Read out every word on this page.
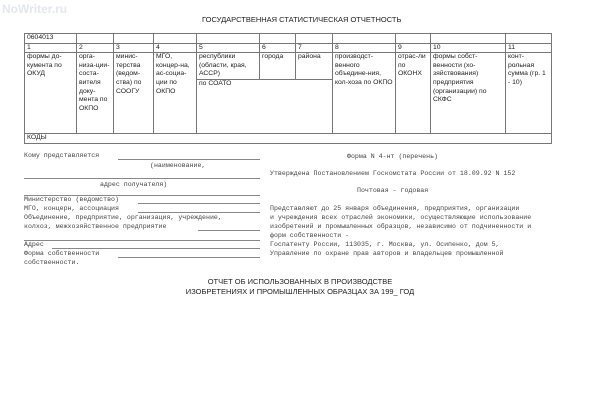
NoWriter.ru
ГОСУДАРСТВЕННАЯ СТАТИСТИЧЕСКАЯ ОТЧЕТНОСТЬ
0604013										
1	2	3	4	5	6	7	8	9	10	11
формы до-кумента по ОКУД	орга-низа-ции-соста-вителя доку-мента по ОКПО	минис-терства (ведом-ства) по СООГУ	МГО, концер-на, ас-социа-ции по ОКПО	республики (области, края, АССР)	города	района	производст-венного объедине-ния, кол-хоза по ОКПО	отрас-ли по ОКОНХ	формы собст-венности (хо-зяйствования) предприятия (организации) по СКФС	конт-рольная сумма (гр. 1 - 10)
				по СОАТО						
КОДЫ										
Кому представляется
(наименование,
адрес получателя)
Министерство (ведомство)
МГО, концерн, ассоциация
Объединение, предприятие, организация, учреждение,
колхоз, межхозяйственное предприятие
Адрес
Форма собственности
собственности.
Форма N 4-нт (перечень)
Утверждена Постановлением Госкомстата России от 18.09.92 N 152
Почтовая - годовая
Представляют до 25 января объединения, предприятия, организации
и учреждения всех отраслей экономики, осуществляющие использование
изобретений и промышленных образцов, независимо от подчиненности и
форм собственности -
Госпатенту России, 113035, г. Москва, ул. Осипенко, дом 5,
Управление по охране прав авторов и владельцев промышленной
ОТЧЕТ ОБ ИСПОЛЬЗОВАННЫХ В ПРОИЗВОДСТВЕ
ИЗОБРЕТЕНИЯХ И ПРОМЫШЛЕННЫХ ОБРАЗЦАХ ЗА 199_ ГОД
